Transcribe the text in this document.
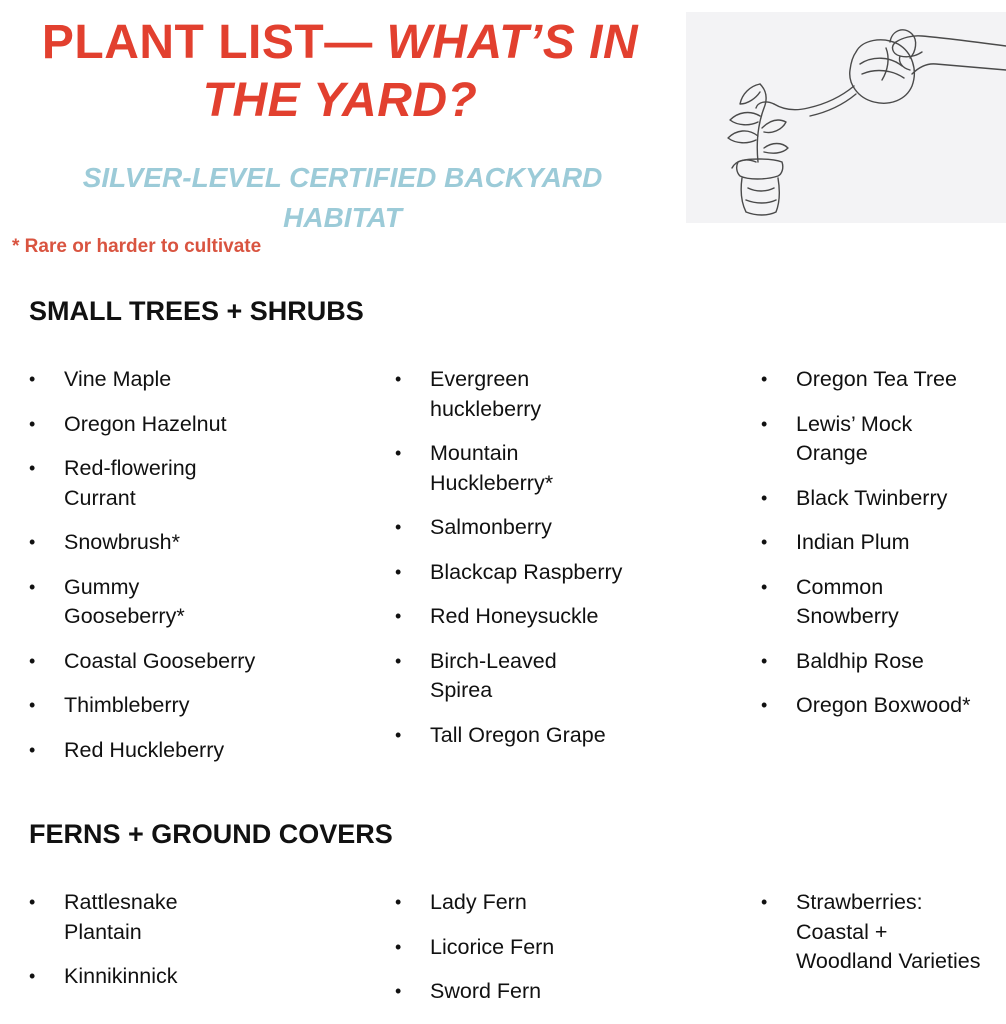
PLANT LIST— WHAT’S IN
THE YARD?
SILVER-LEVEL CERTIFIED BACKYARD
HABITAT

* Rare or harder to cultivate

SMALL TREES + SHRUBS
• Vine Maple
• Oregon Hazelnut
• Red-flowering
Currant
• Snowbrush*
• Gummy
Gooseberry*
• Coastal Gooseberry
• Thimbleberry
• Red Huckleberry
• Evergreen
huckleberry
• Mountain
Huckleberry*
• Salmonberry
• Blackcap Raspberry
• Red Honeysuckle
• Birch-Leaved
Spirea
• Tall Oregon Grape
• Oregon Tea Tree
• Lewis’ Mock
Orange
• Black Twinberry
• Indian Plum
• Common
Snowberry
• Baldhip Rose
• Oregon Boxwood*
FERNS + GROUND COVERS
• Rattlesnake
Plantain
• Kinnikinnick
• Lady Fern
• Licorice Fern
• Sword Fern
• Strawberries:
Coastal +
Woodland Varieties
